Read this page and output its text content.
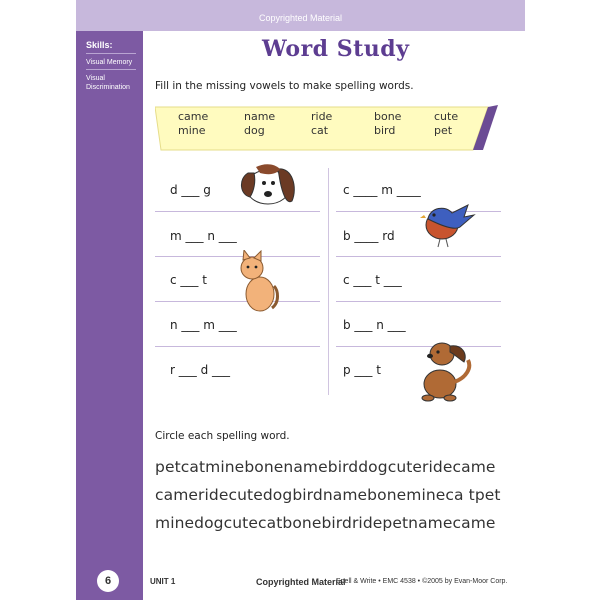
Copyrighted Material
Skills:
Visual Memory
Visual Discrimination
Word Study
Fill in the missing vowels to make spelling words.
came	name	ride	bone	cute
mine	dog	cat	bird	pet
d ___ g
m ___ n ___
c ___ t
n ___ m ___
r ___ d ___
c ____ m ____
b ____ rd
c ___ t ___
b ___ n ___
p ___ t
Circle each spelling word.
petcatminebonenamebirddogcuteridecame
cameridecutedogbirdnamebonemineca tpet
minedogcutecatbonebirdridepetnamecame
6	UNIT 1	Copyrighted Material
Spell & Write • EMC 4538 • ©2005 by Evan-Moor Corp.
